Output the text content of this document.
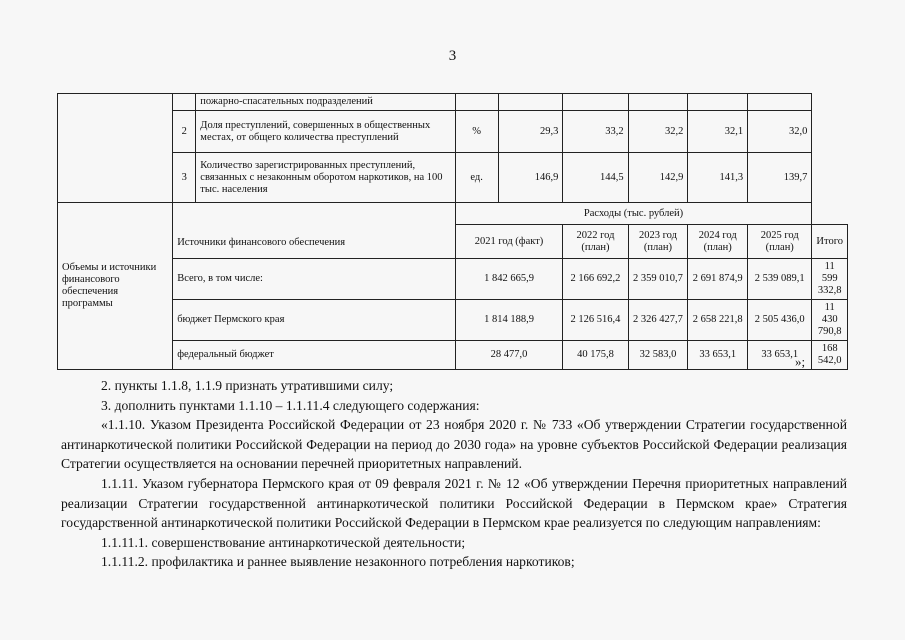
3
		пожарно-спасательных подразделений							
	2	Доля преступлений, совершенных в общественных местах, от общего количества преступлений	%	29,3	33,2	32,2	32,1	32,0	
	3	Количество зарегистрированных преступлений, связанных с незаконным оборотом наркотиков, на 100 тыс. населения	ед.	146,9	144,5	142,9	141,3	139,7	
Объемы и источники финансового обеспечения программы	Источники финансового обеспечения		Расходы (тыс. рублей)						
			2021 год (факт)		2022 год (план)	2023 год (план)	2024 год (план)	2025 год (план)	Итого
	Всего, в том числе:		1 842 665,9		2 166 692,2	2 359 010,7	2 691 874,9	2 539 089,1	11 599 332,8
	бюджет Пермского края		1 814 188,9		2 126 516,4	2 326 427,7	2 658 221,8	2 505 436,0	11 430 790,8
	федеральный бюджет		28 477,0		40 175,8	32 583,0	33 653,1	33 653,1	168 542,0
»;

2. пункты 1.1.8, 1.1.9 признать утратившими силу;

3. дополнить пунктами 1.1.10 – 1.1.11.4 следующего содержания:

«1.1.10. Указом Президента Российской Федерации от 23 ноября 2020 г. № 733 «Об утверждении Стратегии государственной антинаркотической политики Российской Федерации на период до 2030 года» на уровне субъектов Российской Федерации реализация Стратегии осуществляется на основании перечней приоритетных направлений.

1.1.11. Указом губернатора Пермского края от 09 февраля 2021 г. № 12 «Об утверждении Перечня приоритетных направлений реализации Стратегии государственной антинаркотической политики Российской Федерации в Пермском крае» Стратегия государственной антинаркотической политики Российской Федерации в Пермском крае реализуется по следующим направлениям:

1.1.11.1. совершенствование антинаркотической деятельности;

1.1.11.2. профилактика и раннее выявление незаконного потребления наркотиков;
